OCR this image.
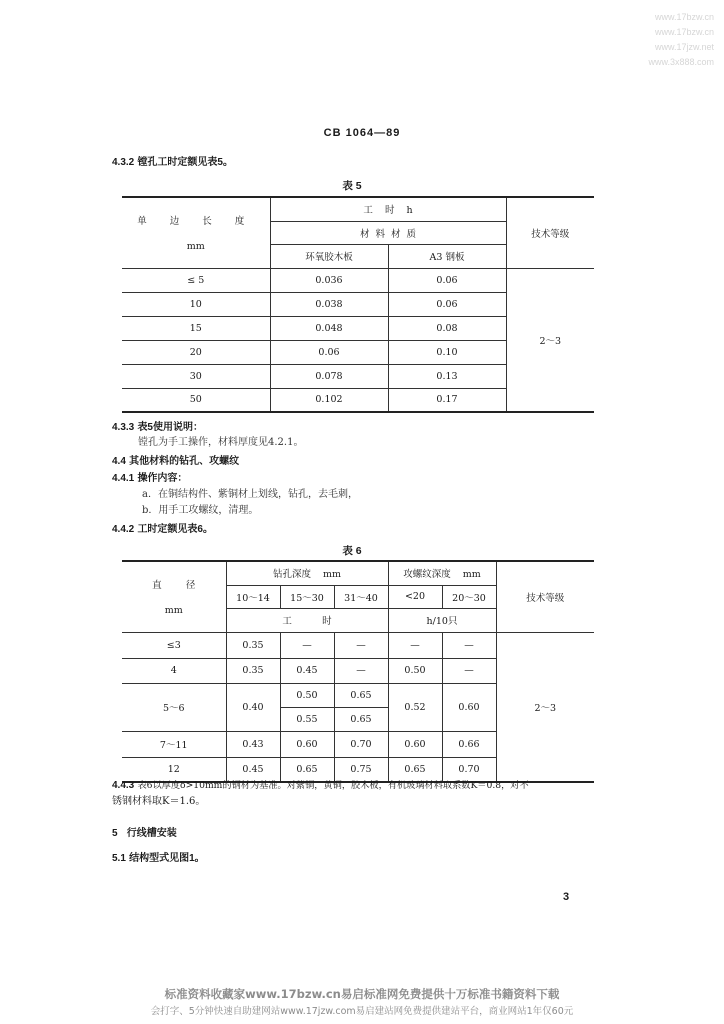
www.17bzw.cn
www.17bzw.cn
www.17jzw.net
www.3x888.com
CB 1064—89
4.3.2 镗孔工时定额见表5。
表 5
单 边 长 度
mm	工    时    h		技术等级
	材  料  材  质		
	环氧胶木板	A3 钢板	
≤ 5	0.036	0.06	2～3
10	0.038	0.06	
15	0.048	0.08	
20	0.06	0.10	
30	0.078	0.13	
50	0.102	0.17	
4.3.3 表5使用说明：
镗孔为手工操作，材料厚度见4.2.1。
4.4 其他材料的钻孔、攻螺纹
4.4.1 操作内容：
a．在铜结构件、紫铜材上划线，钻孔，去毛刺，
b．用手工攻螺纹，清理。
4.4.2 工时定额见表6。
表 6
直        径
mm	钻孔深度    mm			攻螺纹深度    mm		技术等级
	10～14	15～30	31～40	<20	20～30	
	工          时			h/10只		
≤3	0.35	—	—	—	—	2～3
4	0.35	0.45	—	0.50	—	
5～6	0.40	0.50	0.65	0.52	0.60	
		0.55	0.65			
7～11	0.43	0.60	0.70	0.60	0.66	
12	0.45	0.65	0.75	0.65	0.70	
4.4.3 表6以厚度δ>10mm的钢材为基准。对紫铜，黄铜，胶木板，有机玻璃材料取系数K＝0.8，对不
锈钢材料取K＝1.6。
5 行线槽安装
5.1 结构型式见图1。
3
标准资料收藏家www.17bzw.cn易启标准网免费提供十万标准书籍资料下载
会打字、5分钟快速自助建网站www.17jzw.com易启建站网免费提供建站平台，商业网站1年仅60元
